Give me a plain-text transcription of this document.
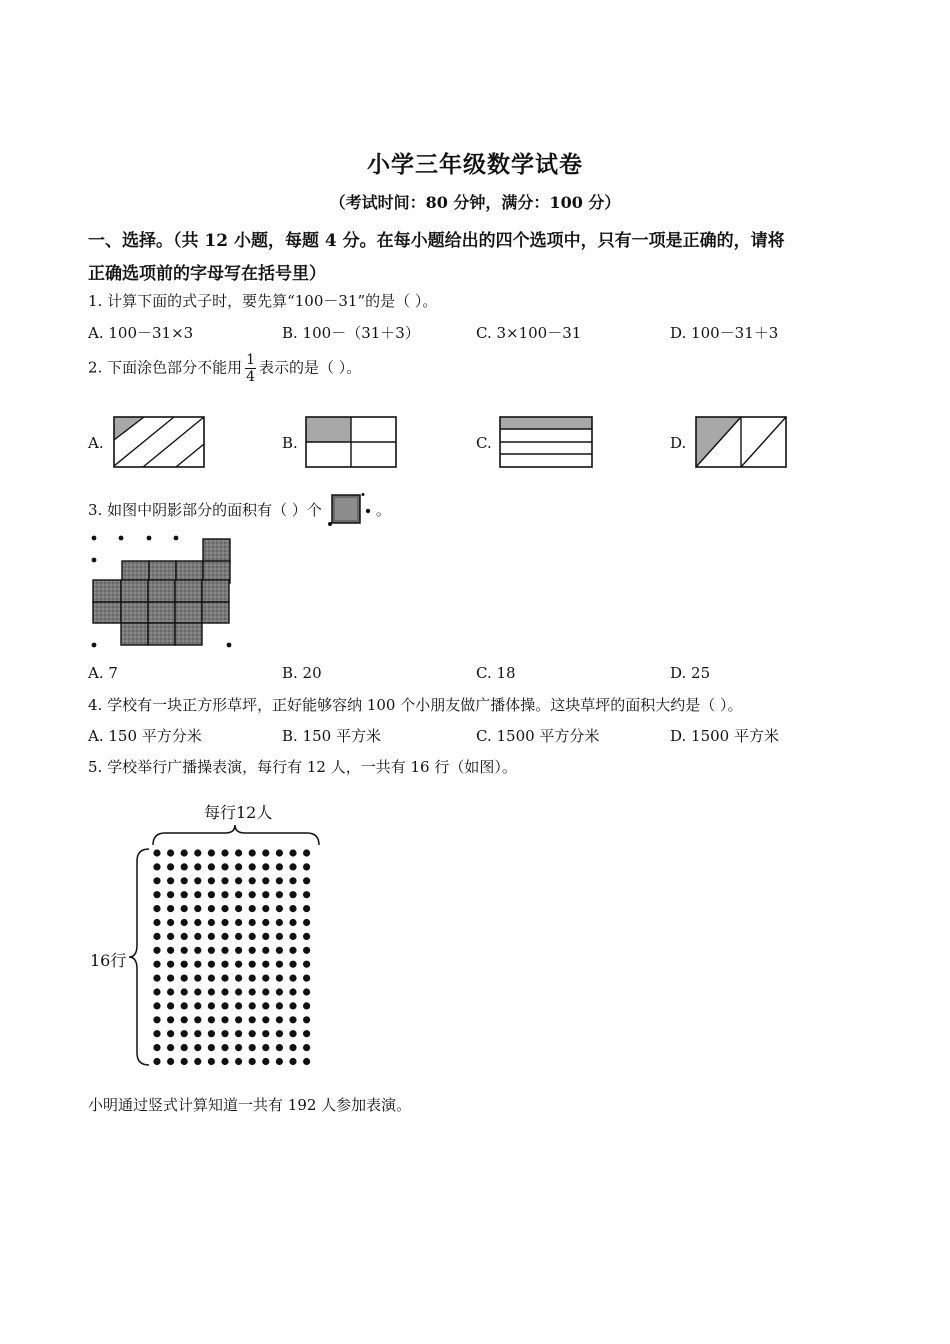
小学三年级数学试卷
（考试时间：80 分钟，满分：100 分）
一、选择。（共 12 小题，每题 4 分。在每小题给出的四个选项中，只有一项是正确的，请将
正确选项前的字母写在括号里）
1. 计算下面的式子时，要先算“100－31”的是（ ）。
A. 100－31×3	B. 100－（31＋3）	C. 3×100－31	D. 100－31＋3
2. 下面涂色部分不能用 $\frac{1}{4}$ 表示的是（ ）。
A.	B.	C.	D.
3. 如图中阴影部分的面积有（ ）个	。
A. 7	B. 20	C. 18	D. 25
4. 学校有一块正方形草坪，正好能够容纳 100 个小朋友做广播体操。这块草坪的面积大约是（ ）。
A. 150 平方分米	B. 150 平方米	C. 1500 平方分米	D. 1500 平方米
5. 学校举行广播操表演，每行有 12 人，一共有 16 行（如图）。
每行12人
16行
小明通过竖式计算知道一共有 192 人参加表演。
